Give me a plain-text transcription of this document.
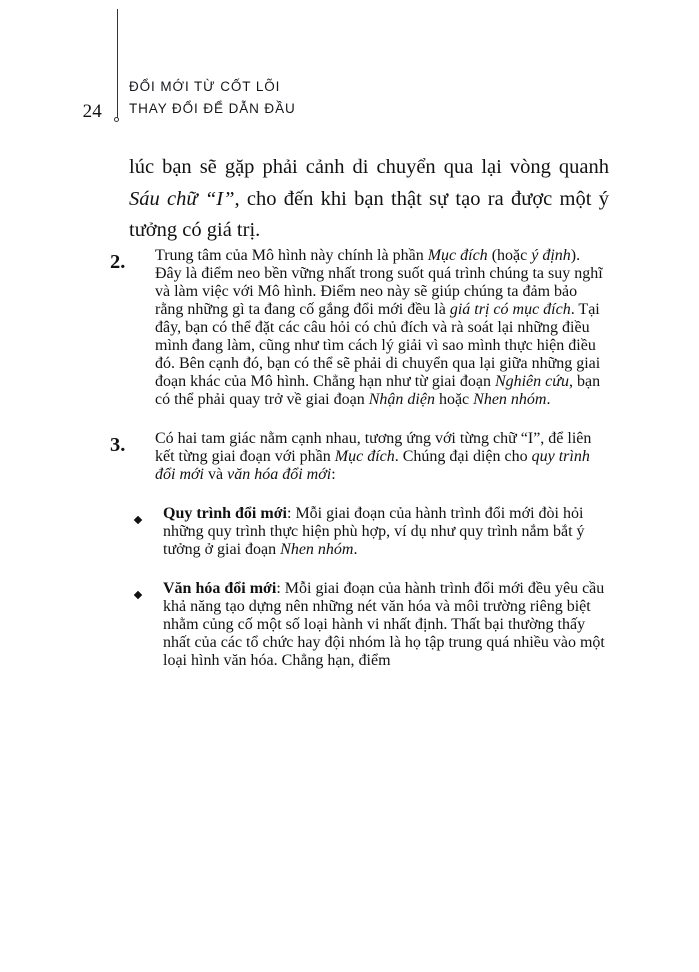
24
ĐỔI MỚI TỪ CỐT LÕI
THAY ĐỔI ĐỂ DẪN ĐẦU

lúc bạn sẽ gặp phải cảnh di chuyển qua lại vòng quanh Sáu chữ “I”, cho đến khi bạn thật sự tạo ra được một ý tưởng có giá trị.

2. Trung tâm của Mô hình này chính là phần Mục đích (hoặc ý định). Đây là điểm neo bền vững nhất trong suốt quá trình chúng ta suy nghĩ và làm việc với Mô hình. Điểm neo này sẽ giúp chúng ta đảm bảo rằng những gì ta đang cố gắng đổi mới đều là giá trị có mục đích. Tại đây, bạn có thể đặt các câu hỏi có chủ đích và rà soát lại những điều mình đang làm, cũng như tìm cách lý giải vì sao mình thực hiện điều đó. Bên cạnh đó, bạn có thể sẽ phải di chuyển qua lại giữa những giai đoạn khác của Mô hình. Chẳng hạn như từ giai đoạn Nghiên cứu, bạn có thể phải quay trở về giai đoạn Nhận diện hoặc Nhen nhóm.
3. Có hai tam giác nằm cạnh nhau, tương ứng với từng chữ “I”, để liên kết từng giai đoạn với phần Mục đích. Chúng đại diện cho quy trình đổi mới và văn hóa đổi mới:
Quy trình đổi mới: Mỗi giai đoạn của hành trình đổi mới đòi hỏi những quy trình thực hiện phù hợp, ví dụ như quy trình nắm bắt ý tưởng ở giai đoạn Nhen nhóm.
Văn hóa đổi mới: Mỗi giai đoạn của hành trình đổi mới đều yêu cầu khả năng tạo dựng nên những nét văn hóa và môi trường riêng biệt nhằm củng cố một số loại hành vi nhất định. Thất bại thường thấy nhất của các tổ chức hay đội nhóm là họ tập trung quá nhiều vào một loại hình văn hóa. Chẳng hạn, điểm
